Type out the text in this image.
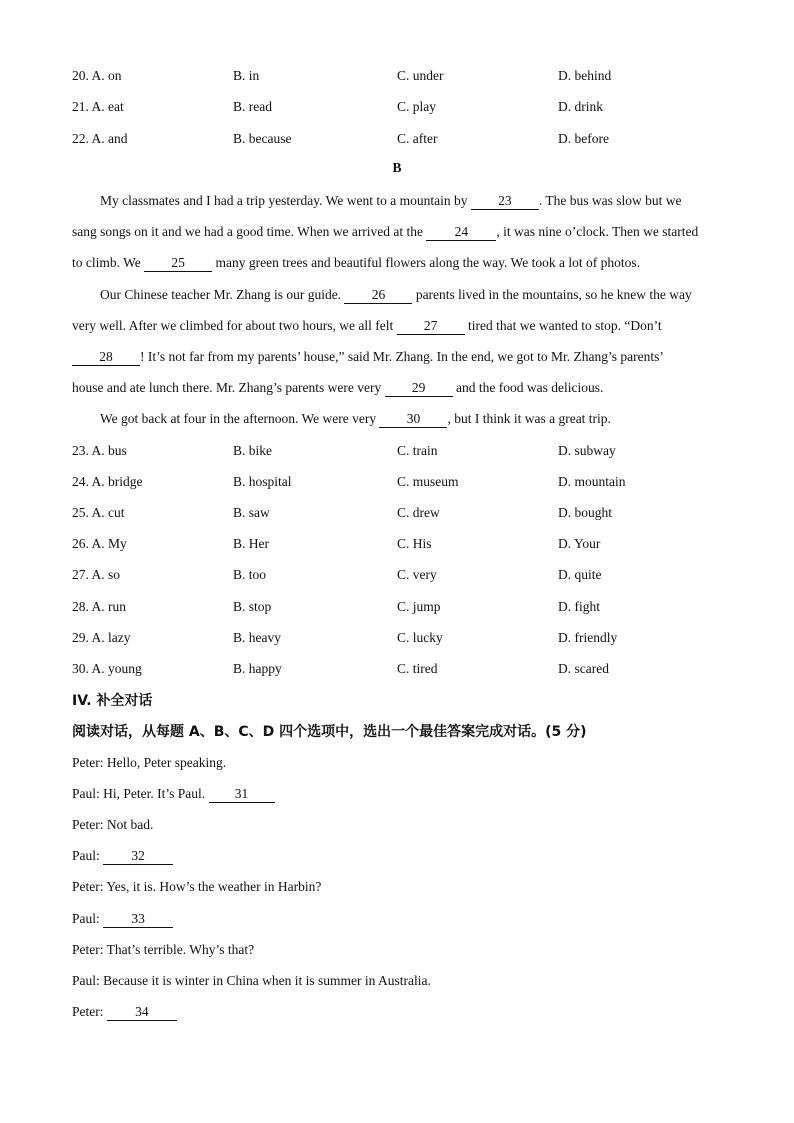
20. A. on	B. in	C. under	D. behind
21. A. eat	B. read	C. play	D. drink
22. A. and	B. because	C. after	D. before
B
My classmates and I had a trip yesterday. We went to a mountain by 23 . The bus was slow but we
sang songs on it and we had a good time. When we arrived at the 24 , it was nine o’clock. Then we started
to climb. We 25 many green trees and beautiful flowers along the way. We took a lot of photos.
Our Chinese teacher Mr. Zhang is our guide. 26 parents lived in the mountains, so he knew the way
very well. After we climbed for about two hours, we all felt 27 tired that we wanted to stop. “Don’t
28 ! It’s not far from my parents’ house,” said Mr. Zhang. In the end, we got to Mr. Zhang’s parents’
house and ate lunch there. Mr. Zhang’s parents were very 29 and the food was delicious.
We got back at four in the afternoon. We were very 30 , but I think it was a great trip.
23. A. bus	B. bike	C. train	D. subway
24. A. bridge	B. hospital	C. museum	D. mountain
25. A. cut	B. saw	C. drew	D. bought
26. A. My	B. Her	C. His	D. Your
27. A. so	B. too	C. very	D. quite
28. A. run	B. stop	C. jump	D. fight
29. A. lazy	B. heavy	C. lucky	D. friendly
30. A. young	B. happy	C. tired	D. scared
IV. 补全对话
阅读对话，从每题 A、B、C、D 四个选项中，选出一个最佳答案完成对话。(5 分)
Peter: Hello, Peter speaking.
Paul: Hi, Peter. It’s Paul. 31
Peter: Not bad.
Paul: 32
Peter: Yes, it is. How’s the weather in Harbin?
Paul: 33
Peter: That’s terrible. Why’s that?
Paul: Because it is winter in China when it is summer in Australia.
Peter: 34
